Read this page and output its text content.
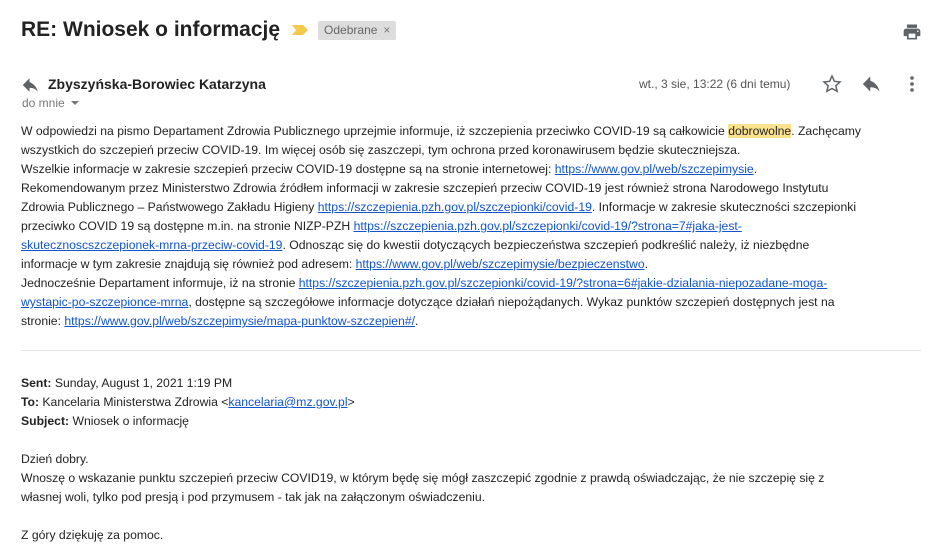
RE: Wniosek o informację	Odebrane ×
Zbyszyńska-Borowiec Katarzyna
do mnie
wt., 3 sie, 13:22 (6 dni temu)

W odpowiedzi na pismo Departament Zdrowia Publicznego uprzejmie informuje, iż szczepienia przeciwko COVID-19 są całkowicie dobrowolne. Zachęcamy

wszystkich do szczepień przeciw COVID-19. Im więcej osób się zaszczepi, tym ochrona przed koronawirusem będzie skuteczniejsza.

Wszelkie informacje w zakresie szczepień przeciw COVID-19 dostępne są na stronie internetowej: https://www.gov.pl/web/szczepimysie.

Rekomendowanym przez Ministerstwo Zdrowia źródłem informacji w zakresie szczepień przeciw COVID-19 jest również strona Narodowego Instytutu

Zdrowia Publicznego – Państwowego Zakładu Higieny https://szczepienia.pzh.gov.pl/szczepionki/covid-19. Informacje w zakresie skuteczności szczepionki

przeciwko COVID 19 są dostępne m.in. na stronie NIZP-PZH https://szczepienia.pzh.gov.pl/szczepionki/covid-19/?strona=7#jaka-jest-

skutecznoscszczepionek-mrna-przeciw-covid-19. Odnosząc się do kwestii dotyczących bezpieczeństwa szczepień podkreślić należy, iż niezbędne

informacje w tym zakresie znajdują się również pod adresem: https://www.gov.pl/web/szczepimysie/bezpieczenstwo.

Jednocześnie Departament informuje, iż na stronie https://szczepienia.pzh.gov.pl/szczepionki/covid-19/?strona=6#jakie-dzialania-niepozadane-moga-

wystapic-po-szczepionce-mrna, dostępne są szczegółowe informacje dotyczące działań niepożądanych. Wykaz punktów szczepień dostępnych jest na

stronie: https://www.gov.pl/web/szczepimysie/mapa-punktow-szczepien#/.

Sent: Sunday, August 1, 2021 1:19 PM

To: Kancelaria Ministerstwa Zdrowia <kancelaria@mz.gov.pl>

Subject: Wniosek o informację

Dzień dobry.

Wnoszę o wskazanie punktu szczepień przeciw COVID19, w którym będę się mógł zaszczepić zgodnie z prawdą oświadczając, że nie szczepię się z

własnej woli, tylko pod presją i pod przymusem - tak jak na załączonym oświadczeniu.

Z góry dziękuję za pomoc.
